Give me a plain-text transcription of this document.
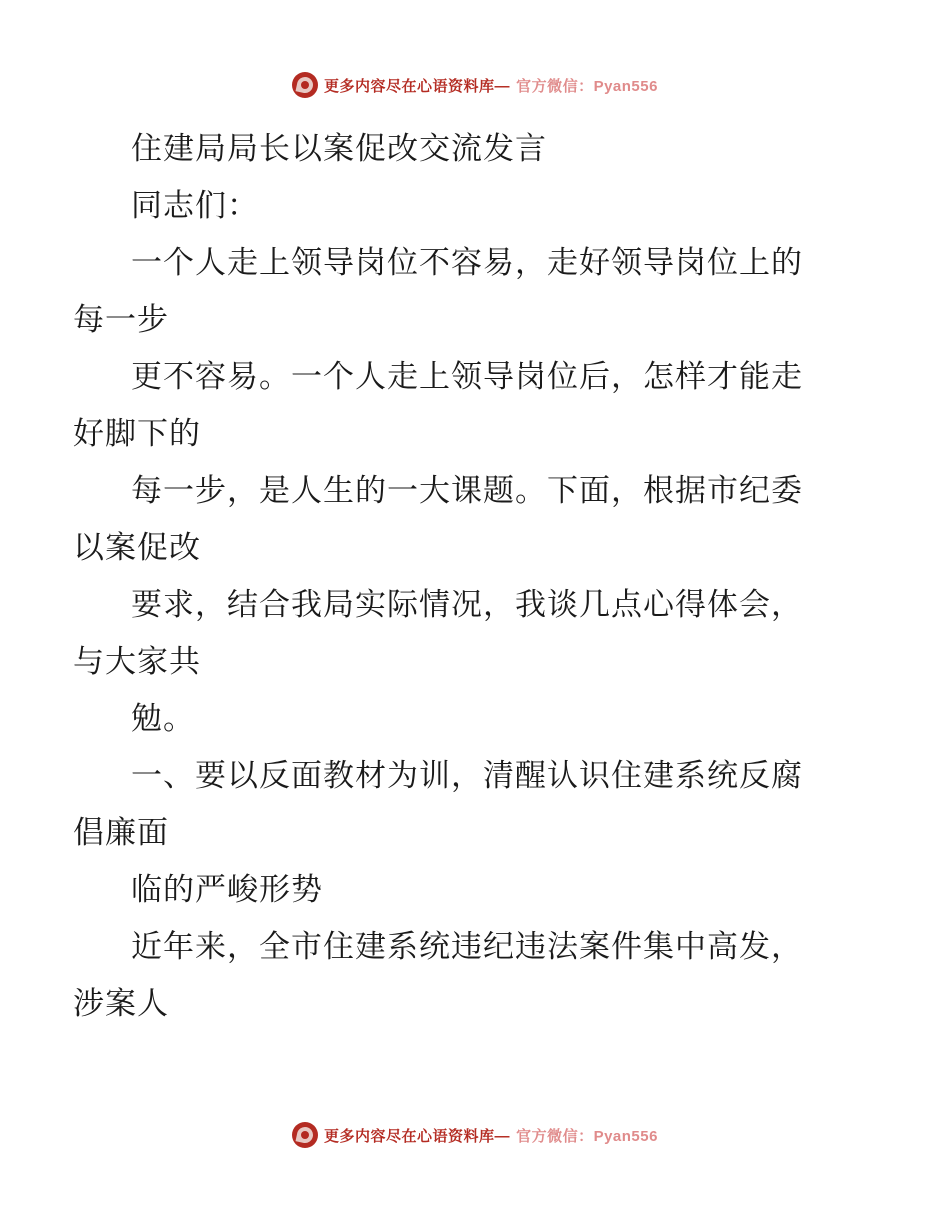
更多内容尽在心语资料库— 官方微信：Pyan556
住建局局长以案促改交流发言
同志们：
一个人走上领导岗位不容易，走好领导岗位上的
每一步
更不容易。一个人走上领导岗位后，怎样才能走
好脚下的
每一步，是人生的一大课题。下面，根据市纪委
以案促改
要求，结合我局实际情况，我谈几点心得体会，
与大家共
勉。
一、要以反面教材为训，清醒认识住建系统反腐
倡廉面
临的严峻形势
近年来，全市住建系统违纪违法案件集中高发，
涉案人
更多内容尽在心语资料库— 官方微信：Pyan556
